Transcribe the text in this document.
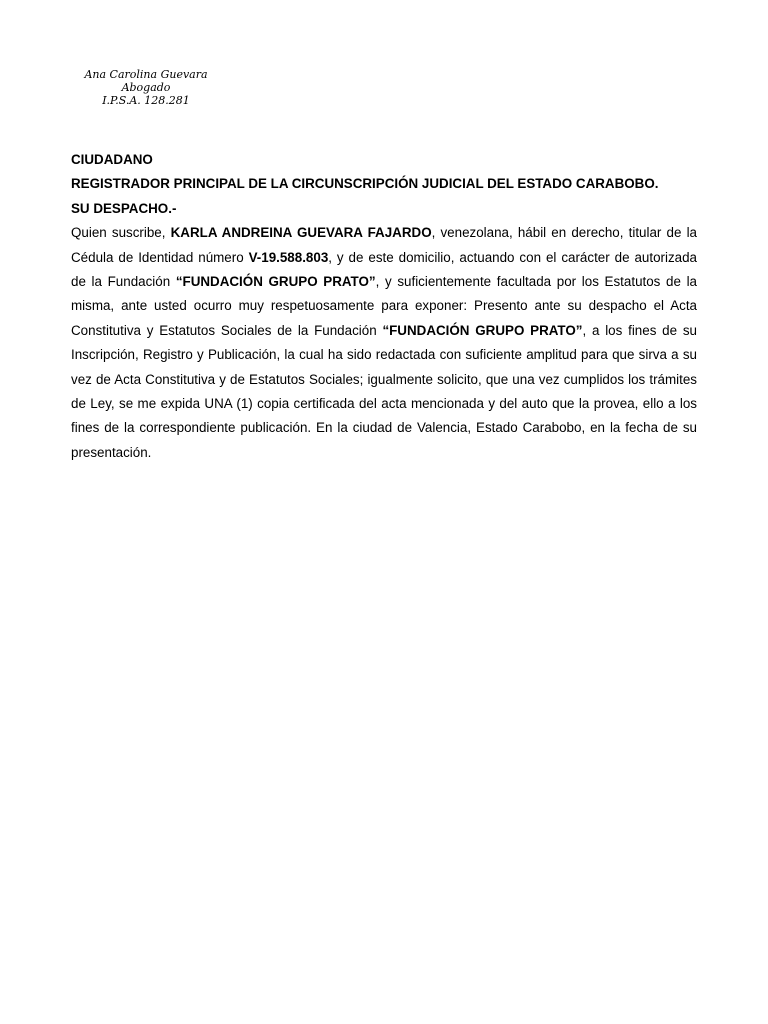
Ana Carolina Guevara
Abogado
I.P.S.A. 128.281

CIUDADANO

REGISTRADOR PRINCIPAL DE LA CIRCUNSCRIPCIÓN JUDICIAL DEL ESTADO CARABOBO.

SU DESPACHO.-

Quien suscribe, KARLA ANDREINA GUEVARA FAJARDO, venezolana, hábil en derecho, titular de la Cédula de Identidad número V-19.588.803, y de este domicilio, actuando con el carácter de autorizada de la Fundación “FUNDACIÓN GRUPO PRATO”, y suficientemente facultada por los Estatutos de la misma, ante usted ocurro muy respetuosamente para exponer: Presento ante su despacho el Acta Constitutiva y Estatutos Sociales de la Fundación “FUNDACIÓN GRUPO PRATO”, a los fines de su Inscripción, Registro y Publicación, la cual ha sido redactada con suficiente amplitud para que sirva a su vez de Acta Constitutiva y de Estatutos Sociales; igualmente solicito, que una vez cumplidos los trámites de Ley, se me expida UNA (1) copia certificada del acta mencionada y del auto que la provea, ello a los fines de la correspondiente publicación. En la ciudad de Valencia, Estado Carabobo, en la fecha de su presentación.
